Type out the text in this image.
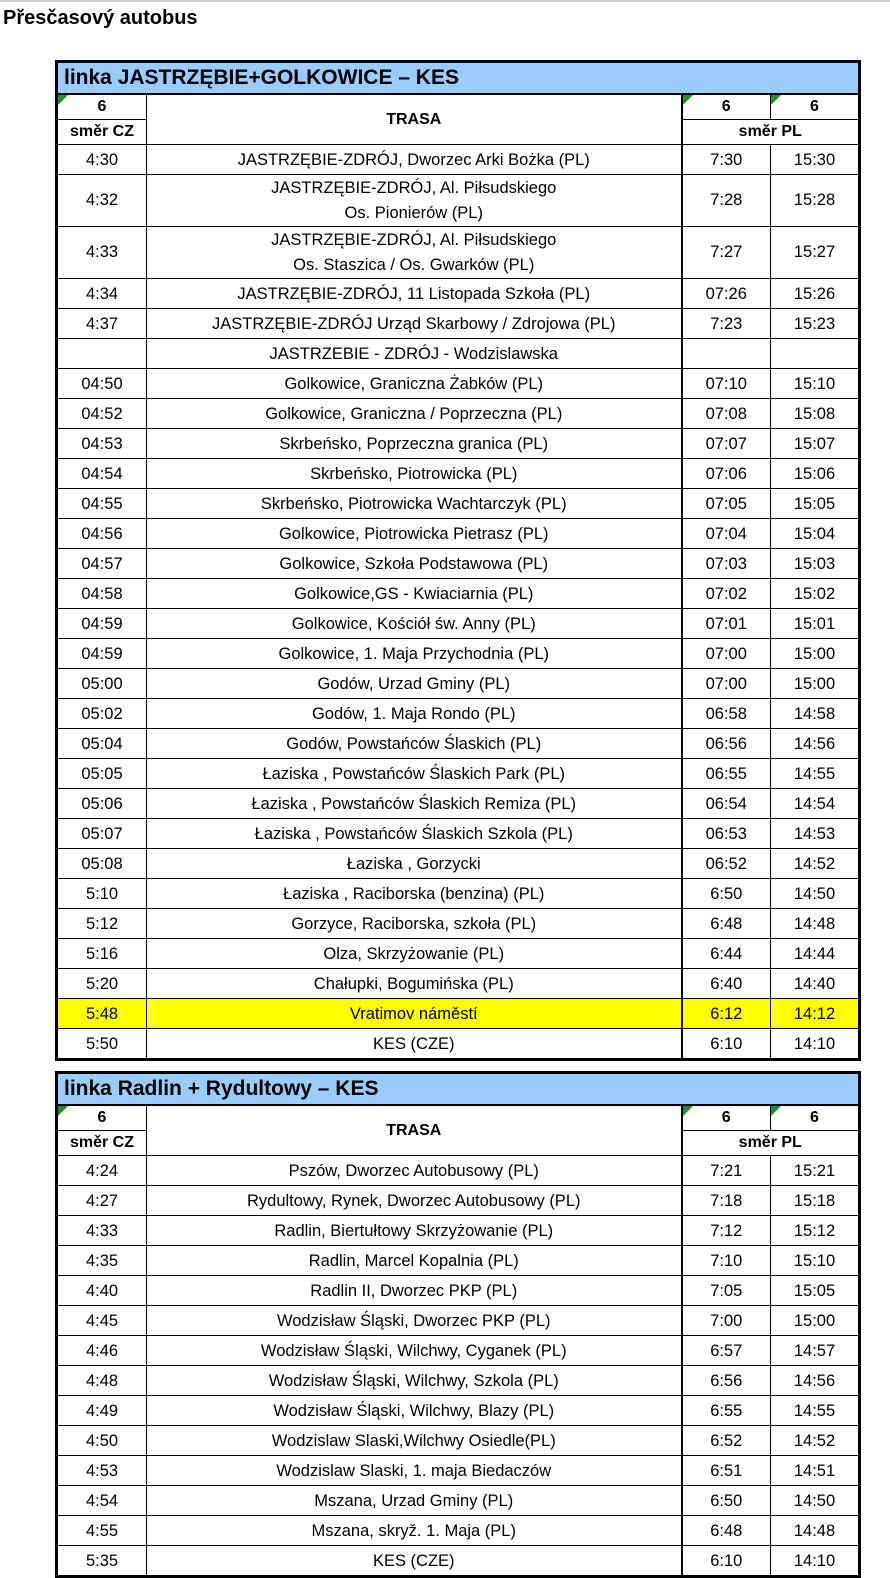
Přesčasový autobus
linka JASTRZĘBIE+GOLKOWICE – KES			

6	TRASA	6	6
směr CZ		směr PL	
4:30	JASTRZĘBIE-ZDRÓJ, Dworzec Arki Bożka (PL)	7:30	15:30
4:32	JASTRZĘBIE-ZDRÓJ, Al. Piłsudskiego
Os. Pionierów (PL)	7:28	15:28
4:33	JASTRZĘBIE-ZDRÓJ, Al. Piłsudskiego
Os. Staszica / Os. Gwarków (PL)	7:27	15:27
4:34	JASTRZĘBIE-ZDRÓJ, 11 Listopada Szkoła (PL)	07:26	15:26
4:37	JASTRZĘBIE-ZDRÓJ Urząd Skarbowy / Zdrojowa (PL)	7:23	15:23

	JASTRZEBIE - ZDRÓJ - Wodzislawska		

04:50	Golkowice, Graniczna Żabków (PL)	07:10	15:10
04:52	Golkowice, Graniczna / Poprzeczna (PL)	07:08	15:08
04:53	Skrbeńsko, Poprzeczna granica (PL)	07:07	15:07
04:54	Skrbeńsko, Piotrowicka (PL)	07:06	15:06
04:55	Skrbeńsko, Piotrowicka Wachtarczyk (PL)	07:05	15:05
04:56	Golkowice, Piotrowicka Pietrasz (PL)	07:04	15:04
04:57	Golkowice, Szkoła Podstawowa (PL)	07:03	15:03
04:58	Golkowice,GS - Kwiaciarnia (PL)	07:02	15:02
04:59	Golkowice, Kościół św. Anny (PL)	07:01	15:01
04:59	Golkowice, 1. Maja Przychodnia (PL)	07:00	15:00
05:00	Godów, Urzad Gminy (PL)	07:00	15:00
05:02	Godów, 1. Maja Rondo (PL)	06:58	14:58
05:04	Godów, Powstańców Ślaskich (PL)	06:56	14:56
05:05	Łaziska , Powstańców Ślaskich Park (PL)	06:55	14:55
05:06	Łaziska , Powstańców Ślaskich Remiza (PL)	06:54	14:54
05:07	Łaziska , Powstańców Ślaskich Szkola (PL)	06:53	14:53
05:08	Łaziska , Gorzycki	06:52	14:52
5:10	Łaziska , Raciborska (benzina) (PL)	6:50	14:50
5:12	Gorzyce, Raciborska, szkoła (PL)	6:48	14:48
5:16	Olza, Skrzyżowanie (PL)	6:44	14:44
5:20	Chałupki, Bogumińska (PL)	6:40	14:40
5:48	Vratimov náměstí	6:12	14:12
5:50	KES (CZE)	6:10	14:10
linka Radlin + Rydultowy – KES			

6	TRASA	6	6
směr CZ		směr PL	
4:24	Pszów, Dworzec Autobusowy (PL)	7:21	15:21
4:27	Rydultowy, Rynek, Dworzec Autobusowy (PL)	7:18	15:18
4:33	Radlin, Biertułtowy Skrzyżowanie (PL)	7:12	15:12
4:35	Radlin, Marcel Kopalnia (PL)	7:10	15:10
4:40	Radlin II, Dworzec PKP (PL)	7:05	15:05
4:45	Wodzisław Śląski, Dworzec PKP (PL)	7:00	15:00
4:46	Wodzisław Śląski, Wilchwy, Cyganek (PL)	6:57	14:57
4:48	Wodzisław Śląski, Wilchwy, Szkola (PL)	6:56	14:56
4:49	Wodzisław Śląski, Wilchwy, Blazy (PL)	6:55	14:55
4:50	Wodzislaw Slaski,Wilchwy Osiedle(PL)	6:52	14:52
4:53	Wodzislaw Slaski, 1. maja Biedaczów	6:51	14:51
4:54	Mszana, Urzad Gminy (PL)	6:50	14:50
4:55	Mszana, skryž. 1. Maja (PL)	6:48	14:48
5:35	KES (CZE)	6:10	14:10
